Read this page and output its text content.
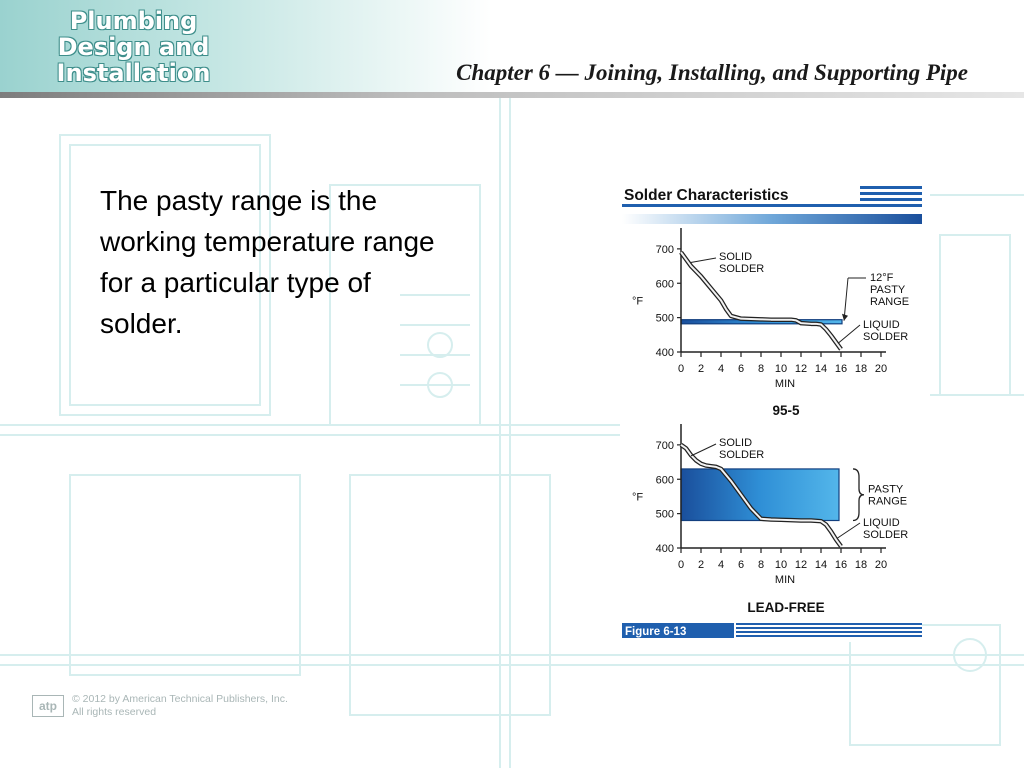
Plumbing
Design and
Installation	Chapter 6 — Joining, Installing, and Supporting Pipe
The pasty range is the working temperature range for a particular type of solder.
Solder Characteristics
400
500
600
700
°F
0 2 4 6 8 10 12 14 16 18 20
MIN
SOLID
SOLDER
12°F
PASTY
RANGE
LIQUID
SOLDER
95-5
400
500
600
700
°F
0 2 4 6 8 10 12 14 16 18 20
MIN
SOLID
SOLDER
PASTY
RANGE
LIQUID
SOLDER
LEAD-FREE
Figure 6-13
atp	© 2012 by American Technical Publishers, Inc.
All rights reserved
